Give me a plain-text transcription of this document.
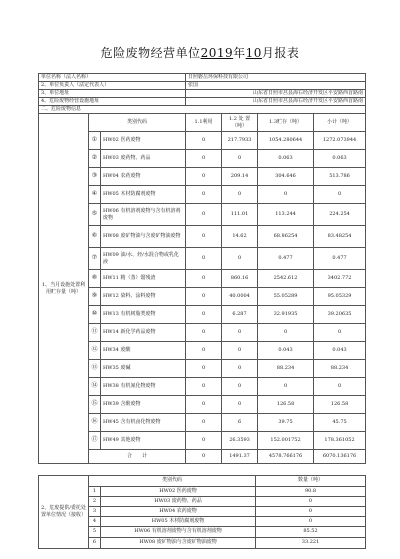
危险废物经营单位2019年10月报表
单位名称（法人名称）			日照磐岳环保科技有限公司			
2、单位负责人（法定代表人）			张国			
3、单位地址			山东省日照市莒县海右经济开发区平安路西首路南			
4、危险废物经营设施地址			山东省日照市莒县海右经济开发区平安路西首路南			
二、危险废物信息						
1、当月设施处置利用贮存量（吨）	类别代码		1.1利用	1.2 处 置（吨）	1.3贮存（吨）	小计（吨）
	①	HW02 医药废物	0	217.7933	1054.280644	1272.073944
	②	HW03 废药物、药品	0	0	0.063	0.063
	③	HW04 农药废物	0	209.14	304.646	513.786
	④	HW05 木材防腐剂废物	0	0	0	0
	⑤	HW06 有机溶剂废物与含有机溶剂废物	0	111.01	113.244	224.254
	⑥	HW08 废矿物油与含废矿物油废物	0	14.62	68.86254	83.48254
	⑦	HW09 油/水、烃/水混合物或乳化液	0	0	0.477	0.477
	⑧	HW11 精（蒸）馏残渣	0	860.16	2542.612	3402.772
	⑨	HW12 染料、涂料废物	0	40.0004	55.05289	95.05329
	⑩	HW13 有机树脂类废物	0	6.287	32.91935	39.20635
	⑪	HW14 新化学药品废物	0	0	0	0
	⑫	HW34 废酸	0	0	0.043	0.043
	⑬	HW35 废碱	0	0	88.234	88.234
	⑭	HW38 有机氰化物废物	0	0	0	0
	⑮	HW39 含酚废物	0	0	126.58	126.58
	⑯	HW45 含有机卤化物废物	0	6	39.75	45.75
	⑰	HW49 其他废物	0	26.3593	152.001752	178.361052
	合　　计		0	1491.37	4578.766176	6070.136176
2、危废提供/委托处置单位情况（接收）	类别代码		数量（吨）
	1	HW02 医药废物	90.8
	2	HW03 废药物、药品	0
	3	HW04 农药废物	0
	4	HW05 木材防腐剂废物	0
	5	HW06 有机溶剂废物与含有机溶剂废物	85.52
	6	HW08 废矿物油与含废矿物油废物	33.221
